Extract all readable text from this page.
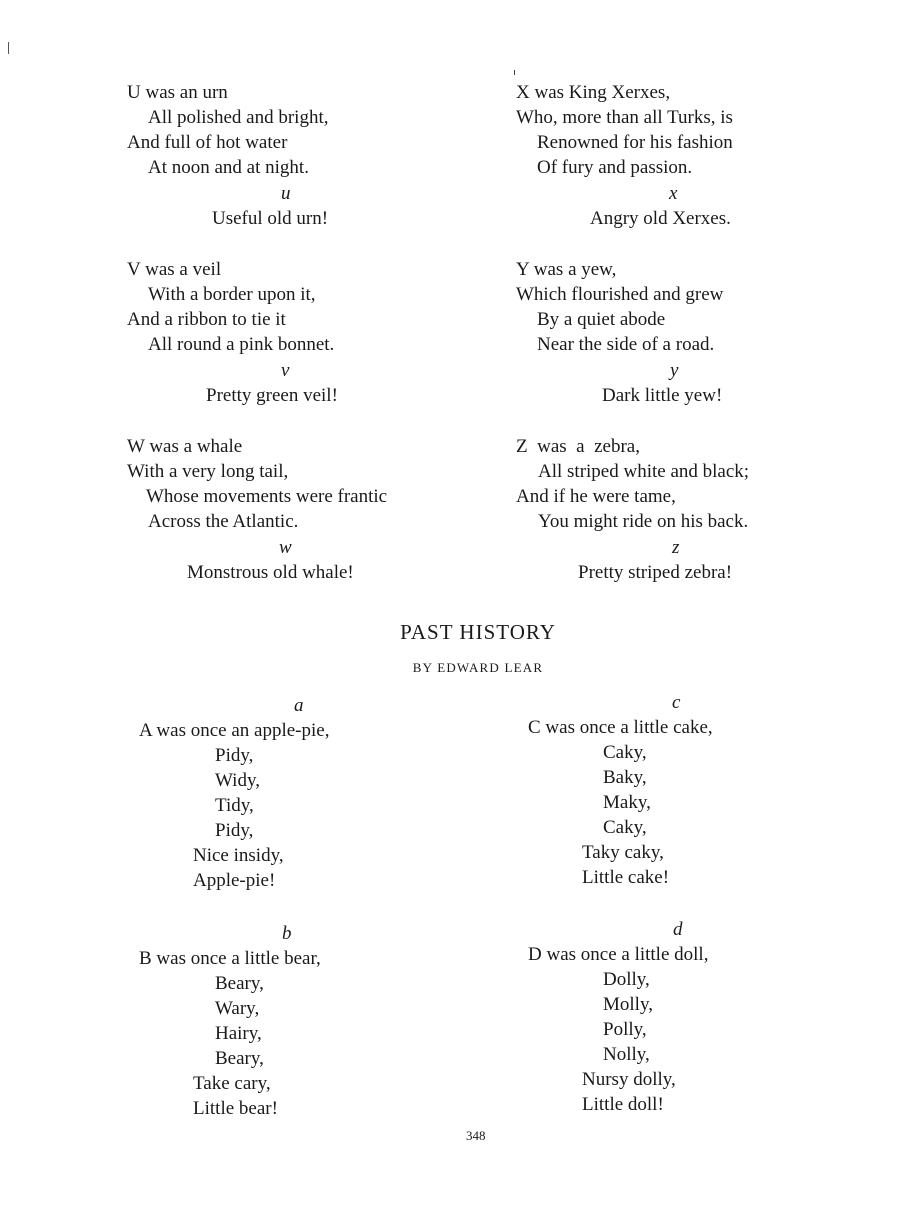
U was an urn
All polished and bright,
And full of hot water
At noon and at night.
u
Useful old urn!
V was a veil
With a border upon it,
And a ribbon to tie it
All round a pink bonnet.
v
Pretty green veil!
W was a whale
With a very long tail,
Whose movements were frantic
Across the Atlantic.
w
Monstrous old whale!
X was King Xerxes,
Who, more than all Turks, is
Renowned for his fashion
Of fury and passion.
x
Angry old Xerxes.
Y was a yew,
Which flourished and grew
By a quiet abode
Near the side of a road.
y
Dark little yew!
Z  was  a  zebra,
All striped white and black;
And if he were tame,
You might ride on his back.
z
Pretty striped zebra!
PAST HISTORY
BY EDWARD LEAR
a
A was once an apple-pie,
Pidy,
Widy,
Tidy,
Pidy,
Nice insidy,
Apple-pie!
b
B was once a little bear,
Beary,
Wary,
Hairy,
Beary,
Take cary,
Little bear!
c
C was once a little cake,
Caky,
Baky,
Maky,
Caky,
Taky caky,
Little cake!
d
D was once a little doll,
Dolly,
Molly,
Polly,
Nolly,
Nursy dolly,
Little doll!
348
